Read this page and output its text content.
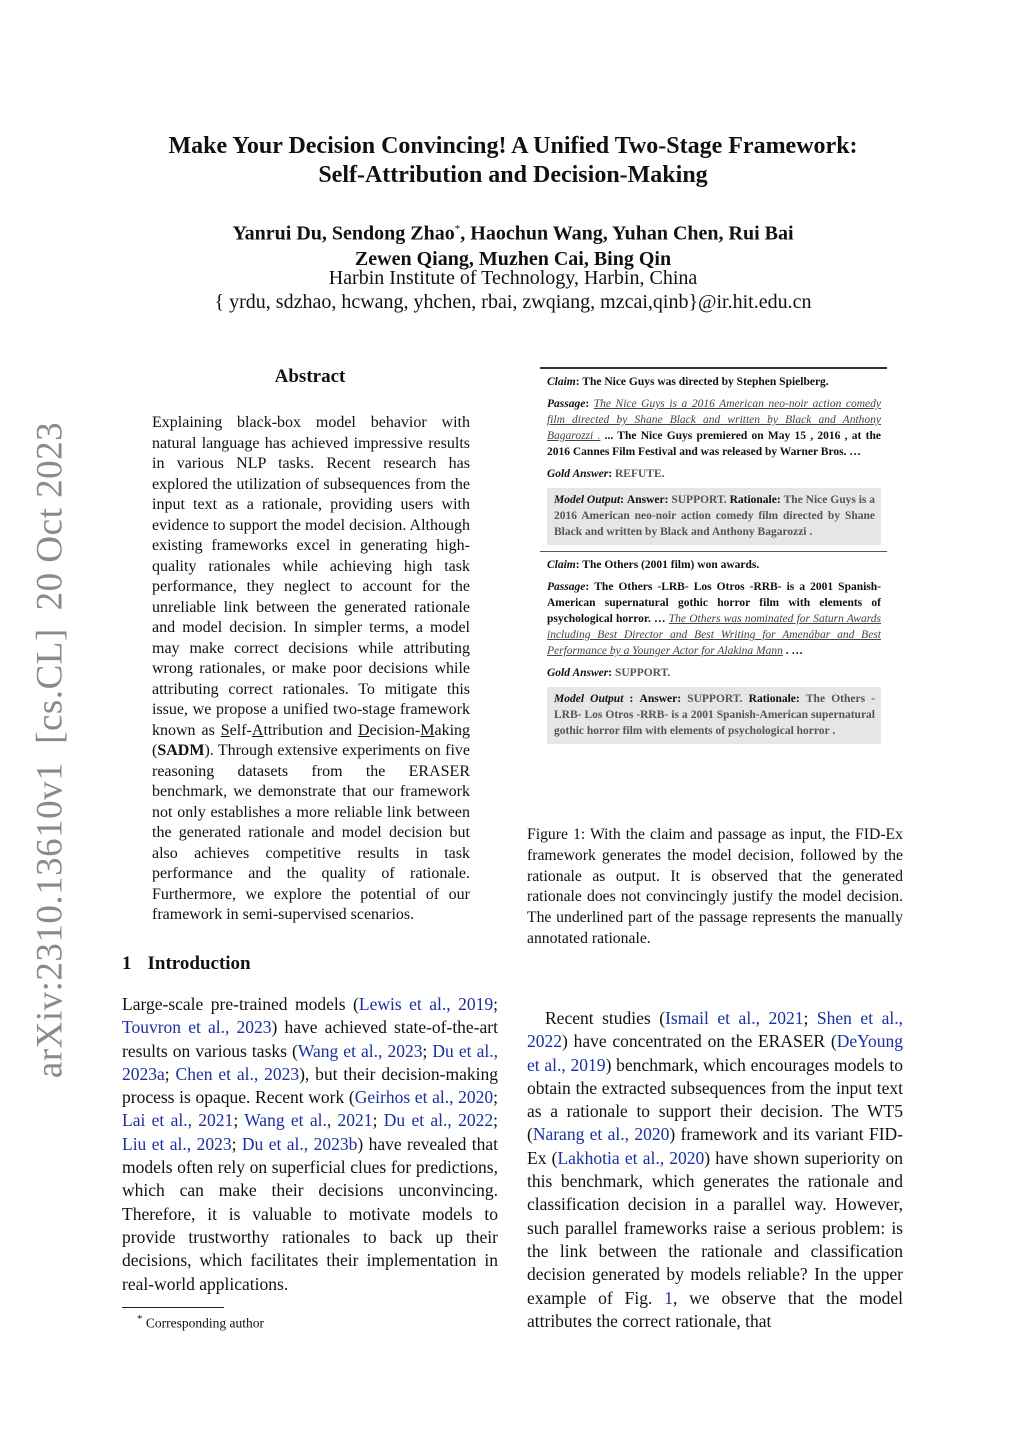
arXiv:2310.13610v1[cs.CL]20 Oct 2023
Make Your Decision Convincing! A Unified Two-Stage Framework:
Self-Attribution and Decision-Making
Yanrui Du, Sendong Zhao*, Haochun Wang, Yuhan Chen, Rui Bai
Zewen Qiang, Muzhen Cai, Bing Qin
Harbin Institute of Technology, Harbin, China
{ yrdu, sdzhao, hcwang, yhchen, rbai, zwqiang, mzcai,qinb}@ir.hit.edu.cn
Abstract
Explaining black-box model behavior with natural language has achieved impressive results in various NLP tasks. Recent research has explored the utilization of subsequences from the input text as a rationale, providing users with evidence to support the model decision. Although existing frameworks excel in generating high-quality rationales while achieving high task performance, they neglect to account for the unreliable link between the generated rationale and model decision. In simpler terms, a model may make correct decisions while attributing wrong rationales, or make poor decisions while attributing correct rationales. To mitigate this issue, we propose a unified two-stage framework known as Self-Attribution and Decision-Making (SADM). Through extensive experiments on five reasoning datasets from the ERASER benchmark, we demonstrate that our framework not only establishes a more reliable link between the generated rationale and model decision but also achieves competitive results in task performance and the quality of rationale. Furthermore, we explore the potential of our framework in semi-supervised scenarios.
1 Introduction
Large-scale pre-trained models (Lewis et al., 2019; Touvron et al., 2023) have achieved state-of-the-art results on various tasks (Wang et al., 2023; Du et al., 2023a; Chen et al., 2023), but their decision-making process is opaque. Recent work (Geirhos et al., 2020; Lai et al., 2021; Wang et al., 2021; Du et al., 2022; Liu et al., 2023; Du et al., 2023b) have revealed that models often rely on superficial clues for predictions, which can make their decisions unconvincing. Therefore, it is valuable to motivate models to provide trustworthy rationales to back up their decisions, which facilitates their implementation in real-world applications.
* Corresponding author

Claim: The Nice Guys was directed by Stephen Spielberg.

Passage: The Nice Guys is a 2016 American neo-noir action comedy film directed by Shane Black and written by Black and Anthony Bagarozzi . ... The Nice Guys premiered on May 15 , 2016 , at the 2016 Cannes Film Festival and was released by Warner Bros. …

Gold Answer: REFUTE.

Model Output: Answer: SUPPORT. Rationale: The Nice Guys is a 2016 American neo-noir action comedy film directed by Shane Black and written by Black and Anthony Bagarozzi .

Claim: The Others (2001 film) won awards.

Passage: The Others -LRB- Los Otros -RRB- is a 2001 Spanish-American supernatural gothic horror film with elements of psychological horror. … The Others was nominated for Saturn Awards including Best Director and Best Writing for Amenábar and Best Performance by a Younger Actor for Alakina Mann . …

Gold Answer: SUPPORT.

Model Output : Answer: SUPPORT. Rationale: The Others -LRB- Los Otros -RRB- is a 2001 Spanish-American supernatural gothic horror film with elements of psychological horror .
Figure 1: With the claim and passage as input, the FID-Ex framework generates the model decision, followed by the rationale as output. It is observed that the generated rationale does not convincingly justify the model decision. The underlined part of the passage represents the manually annotated rationale.
Recent studies (Ismail et al., 2021; Shen et al., 2022) have concentrated on the ERASER (DeYoung et al., 2019) benchmark, which encourages models to obtain the extracted subsequences from the input text as a rationale to support their decision. The WT5 (Narang et al., 2020) framework and its variant FID-Ex (Lakhotia et al., 2020) have shown superiority on this benchmark, which generates the rationale and classification decision in a parallel way. However, such parallel frameworks raise a serious problem: is the link between the rationale and classification decision generated by models reliable? In the upper example of Fig. 1, we observe that the model attributes the correct rationale, that
